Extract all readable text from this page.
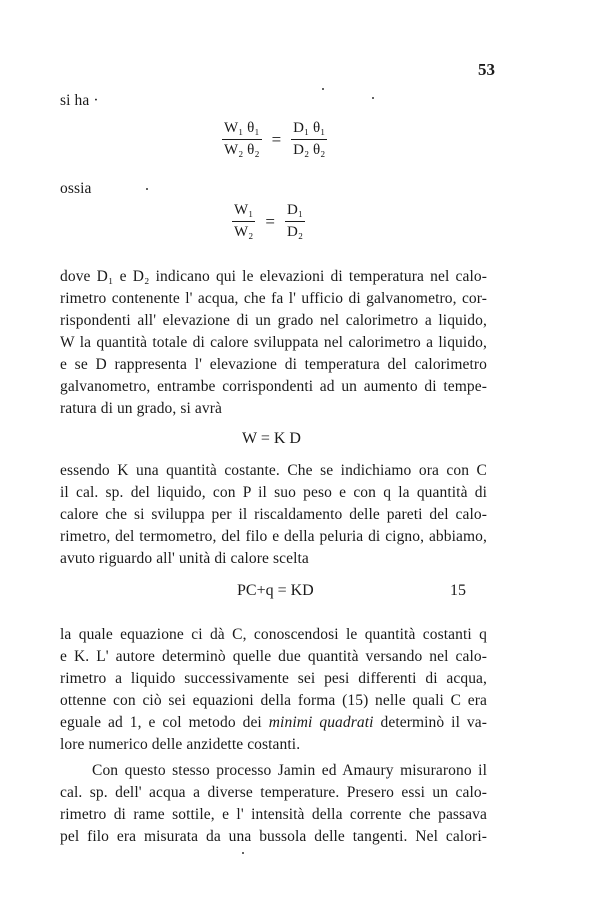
53
si ha ·
$\frac{\text{W₁ θ₁}}{\text{W₂ θ₂}} = \frac{\text{D₁ θ₁}}{\text{D₂ θ₂}}$
ossia
$\frac{\text{W₁}}{\text{W₂}} = \frac{\text{D₁}}{\text{D₂}}$
dove D₁ e D₂ indicano qui le elevazioni di temperatura nel calo-
rimetro contenente l' acqua, che fa l' ufficio di galvanometro, cor-
rispondenti all' elevazione di un grado nel calorimetro a liquido,
W la quantità totale di calore sviluppata nel calorimetro a liquido,
e se D rappresenta l' elevazione di temperatura del calorimetro
galvanometro, entrambe corrispondenti ad un aumento di tempe-
ratura di un grado, si avrà
W = K D
essendo K una quantità costante. Che se indichiamo ora con C
il cal. sp. del liquido, con P il suo peso e con q la quantità di
calore che si sviluppa per il riscaldamento delle pareti del calo-
rimetro, del termometro, del filo e della peluria di cigno, abbiamo,
avuto riguardo all' unità di calore scelta
PC+q = KD	15
la quale equazione ci dà C, conoscendosi le quantità costanti q
e K. L' autore determinò quelle due quantità versando nel calo-
rimetro a liquido successivamente sei pesi differenti di acqua,
ottenne con ciò sei equazioni della forma (15) nelle quali C era
eguale ad 1, e col metodo dei minimi quadrati determinò il va-
lore numerico delle anzidette costanti.
Con questo stesso processo Jamin ed Amaury misurarono il
cal. sp. dell' acqua a diverse temperature. Presero essi un calo-
rimetro di rame sottile, e l' intensità della corrente che passava
pel filo era misurata da una bussola delle tangenti. Nel calori-
